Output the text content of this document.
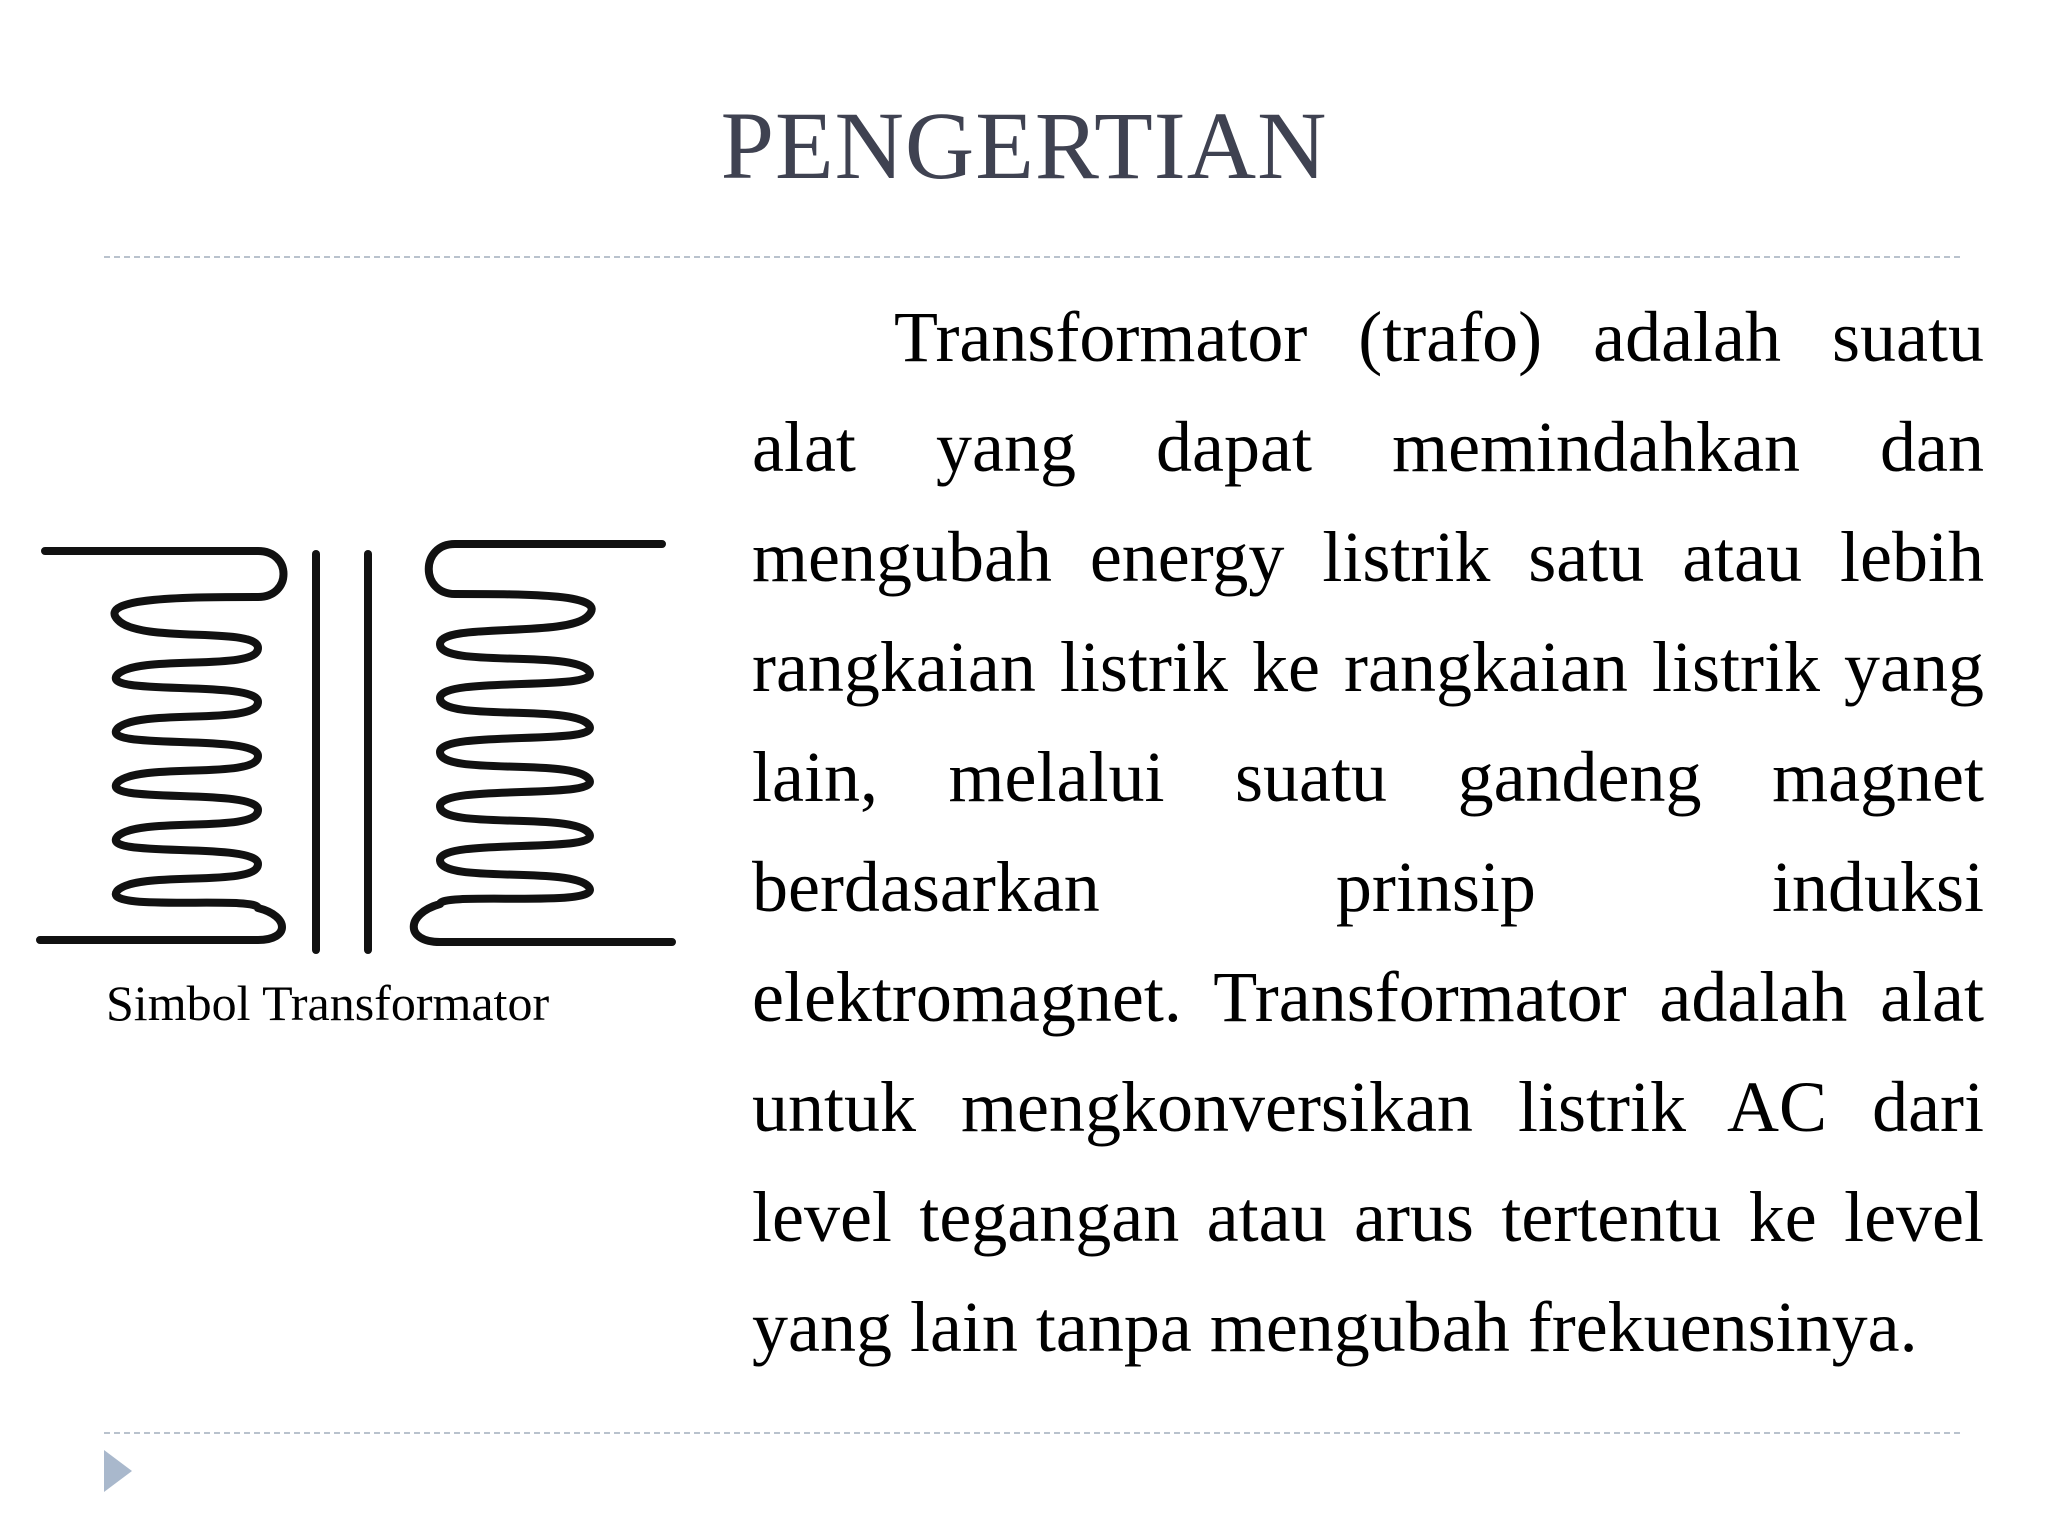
PENGERTIAN
Simbol Transformator

Transformator (trafo) adalah suatu alat yang dapat memindahkan dan mengubah energy listrik satu atau lebih rangkaian listrik ke rangkaian listrik yang lain, melalui suatu gandeng magnet berdasarkan prinsip induksi elektromagnet. Transformator adalah alat untuk mengkonversikan listrik AC dari level tegangan atau arus tertentu ke level yang lain tanpa mengubah frekuensinya.
